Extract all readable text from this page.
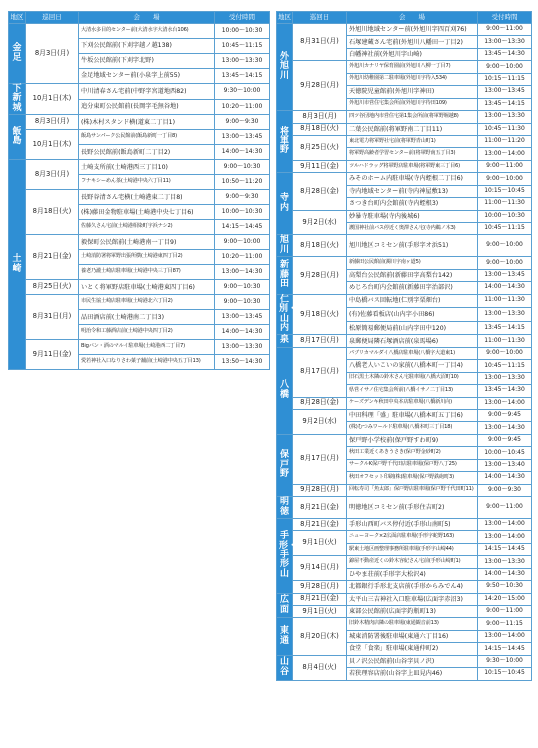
地区	巡回日	会　　場	受付時間
金足	8月3日(月)	大清水多目的センター前(大清水字大清水台106)	10:00〜10:30
		下刈公民館前(下刈字越ノ越138)	10:45〜11:15
		牛坂公民館前(下刈字北野)	13:00〜13:30
		金足地域センター前(小泉字上前55)	13:45〜14:15
下新城	10月1日(木)	中川清春さん宅前(中野字宮道地西82)	9:30〜10:00
		追分東町公民館前(長岡字毛無谷地)	10:20〜11:00
飯島	8月3日(月)	(株)木村スタンド横(道東二丁目1)	9:00〜9:30
	10月1日(木)	飯島サンパーク公民館前(飯島新町一丁目8)	13:00〜13:45
		長野公民館前(飯島新町二丁目2)	14:00〜14:30
土崎	8月3日(月)	土崎支所前(土崎港西三丁目10)	9:00〜10:30
		フナキシーめん茶(土崎港中央六丁目11)	10:50〜11:20
	8月18日(火)	長野谷清さん宅横(土崎港東二丁目8)	9:00〜9:30
		(株)藤田金物駐車場(土崎港中央七丁目6)	10:00〜10:30
		佐藤久さん宅前(土崎港相染町字浜ナシ2)	14:15〜14:45
	8月21日(金)	毅保町公民館前(土崎港南一丁目9)	9:00〜10:00
		土崎消防署将軍野出張所横(土崎港東四丁目2)	10:20〜11:00
		養老乃瀧土崎店駐車場(土崎港中央三丁目87)	13:00〜14:30
	8月25日(火)	いとく将軍野店駐車場(土崎港東四丁目6)	9:00〜10:30
	8月31日(月)	市民生協土崎店駐車場(土崎港北六丁目2)	9:00〜10:30
		品田酒店前(土崎港南二丁目3)	13:00〜13:45
		明治令和工藤酒店前(土崎港中央四丁目2)	14:00〜14:30
	9月11日(金)	Bigバン・酒のマルイ駐車場(土崎港西二丁目7)	13:00〜13:30
		愛若神社入口なりさわ菓子舗前(土崎港中央五丁目13)	13:50〜14:30
地区	巡回日	会　　場	受付時間
外旭川	8月31日(月)	外旭川地域センター前(外旭川字四百刈76)	9:00〜11:00
		石塚建蔵さん宅前(外旭川八幡田一丁目2)	13:00〜13:30
		白幡神社前(外旭川字山崎)	13:45〜14:30
	9月28日(月)	外旭川カナリヤ保育園前(外旭川八柳一丁目7)	9:00〜10:00
		外旭川幼稚園第二駐車場(外旭川字待入534)	10:15〜11:15
		天徳院児童館前(外旭川字神田)	13:00〜13:45
		外旭川市営住宅集会所前(外旭川字待田109)	13:45〜14:15
将軍野	8月3日(月)	四ツ谷団地内市営住宅第1集会所前(将軍野堰越8)	13:00〜13:30
	8月18日(火)	二葉公民館前(将軍野南二丁目11)	10:45〜11:30
	8月25日(火)	東北電力将軍野社宅前(将軍野青山町1)	11:00〜11:20
		将軍野高齢者学習センター前(将軍野南五丁目3)	13:00〜14:00
	9月11日(金)	ツルハドラッグ将軍野店駐車場(将軍野東三丁目6)	9:00〜11:00
寺内	8月28日(金)	みそのホーム内駐車場(寺内蛭根二丁目6)	9:00〜10:00
		寺内地域センター前(寺内神屋敷13)	10:15〜10:45
		さつき台町内会館前(寺内蛭根3)	11:00〜11:30
	9月2日(水)	妙暴寺駐車場(寺内後城6)	10:00〜10:30
		護国神社前バス停近く奥澤さん宅(寺内鵜ノ木3)	10:45〜11:15
旭川	8月18日(火)	旭川地区コミセン前(手形字オ浜51)	9:00〜10:00
新藤田	9月28日(月)	新藤田公民館前(濁川字南ヶ道5)	9:00〜10:00
		高梨台公民館前(新藤田字高梨台142)	13:00〜13:45
		めじろ台町内会館前(新藤田字治部沢)	14:00〜14:30
仁別・山内	9月18日(火)	中島橋バス回転地(仁別字栗畑台)	11:00〜11:30
		(有)佐藤看板店(山内字小田86)	13:00〜13:30
		松原簡易郵便局前(山内字田中120)	13:45〜14:15
泉	8月17日(月)	泉郵便局隣石塚酒店前(泉馬場6)	11:00〜11:30
八橋	8月17日(月)	パブリカマルダイ八橋店駐車場(八橋字大道東1)	9:00〜10:00
		八橋老人いこいの家前(八橋本町一丁目4)	10:45〜11:15
		旧石黒土木隣の鈴木さん宅駐車場(八橋大沼町10)	13:00〜13:30
		県営イサノ住宅集会所前(八橋イサノ二丁目13)	13:45〜14:30
	8月28日(金)	ケーズデンキ秋田中央本店駐車場(八橋新川向)	13:00〜14:00
	9月2日(水)	中田科理「盛」駐車場(八橋本町五丁目6)	9:00〜9:45
		(株)むつみワールド駐車場(八橋本町三丁目18)	13:00〜14:30
保戸野	8月17日(月)	保戸野小学校前(保戸野すわ町9)	9:00〜9:45
		秋田工業近くあきうさき(保戸野金砂町2)	10:00〜10:45
		サークルK保戸野千代田店駐車場(保戸野八丁25)	13:00〜13:40
		秋田オフセット印刷(株)駐車場(保戸野鉄砲町3)	14:00〜14:30
	9月28日(月)	回転寿司「魚太郎」保戸野店駐車場(保戸野千代田町11)	9:00〜9:30
明徳	8月21日(金)	明徳地区コミセン前(手形住吉町2)	9:00〜11:00
手形・手形山	8月21日(金)	手形山西町バス停付近(手形山南町5)	13:00〜14:00
	9月1日(火)	ニューヨーク×2広面店駐車場(手形字蛇野163)	13:00〜14:00
		駅東土地区画整理事務所駐車場(手形字山崎44)	14:15〜14:45
	9月14日(月)	錦屋不動産近くの鈴木容紀さん宅前(手形山崎町1)	13:00〜13:30
		ひやま荘前(手形字大松沢4)	14:00〜14:30
	9月28日(月)	北都銀行手形北支店前(手形からみでん4)	9:50〜10:30
広面	8月21日(金)	太平山三吉神社入口駐車場(広面字赤沼3)	14:20〜15:00
	9月1日(火)	東部公民館前(広面字釣瓶町13)	9:00〜11:00
東通	8月20日(木)	旧鈴木精肉店隣の駐車場(東通観音前13)	9:00〜11:15
		城東消防署後駐車場(東通六丁目16)	13:00〜14:00
		食堂「食楽」駐車場(東通仲町2)	14:15〜14:45
山谷	8月4日(火)	貝ノ沢公民館前(山谷字貝ノ沢)	9:30〜10:00
		若狭理容店前(山谷字上皿見内46)	10:15〜10:45
